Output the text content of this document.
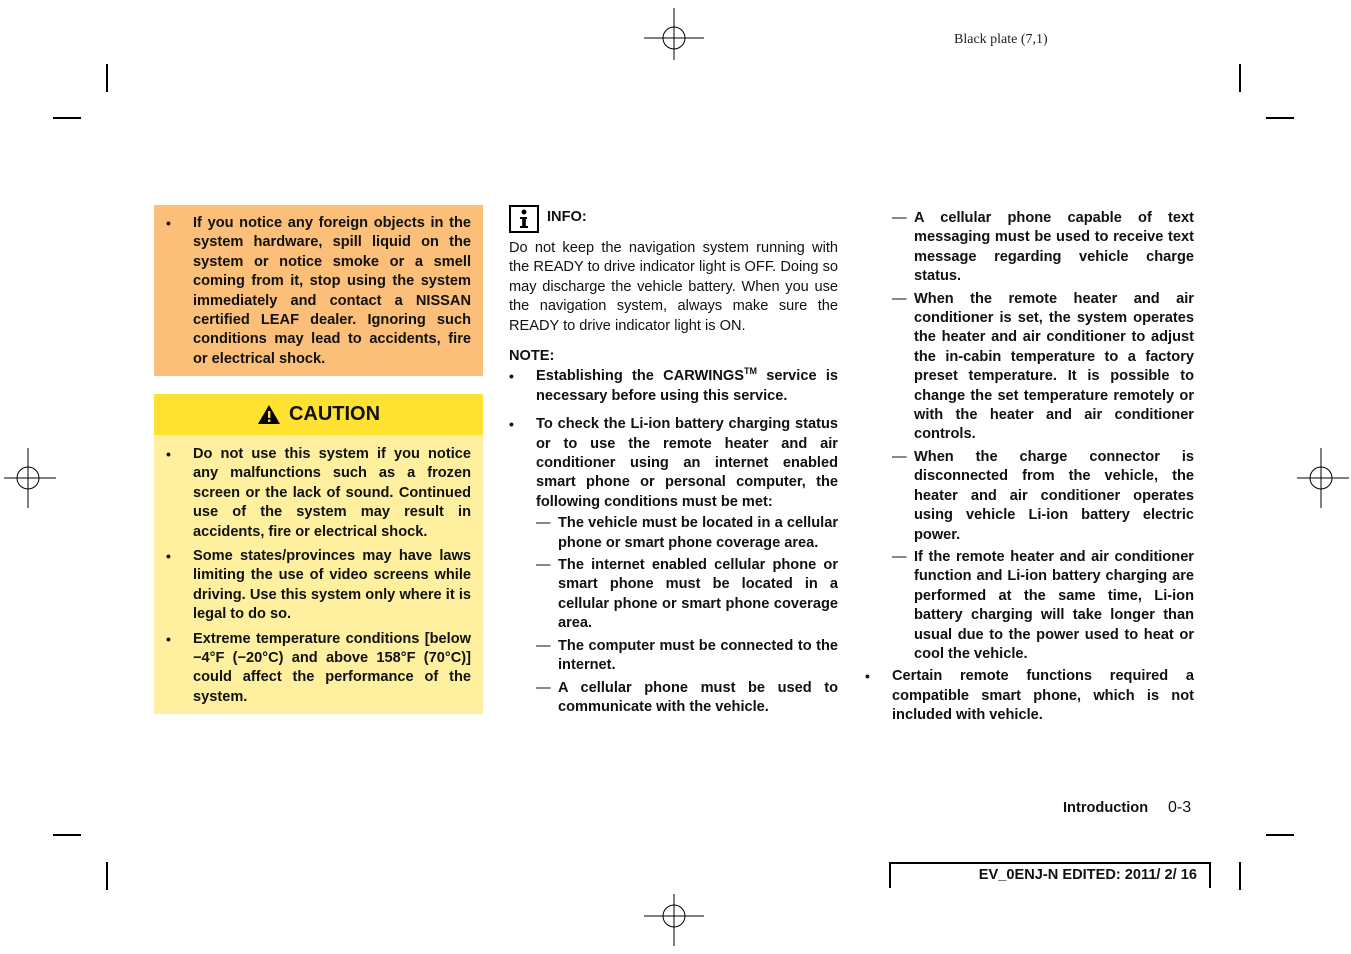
Black plate (7,1)
• If you notice any foreign objects in the system hardware, spill liquid on the system or notice smoke or a smell coming from it, stop using the system immediately and contact a NISSAN certified LEAF dealer. Ignoring such conditions may lead to accidents, fire or electrical shock.
CAUTION
• Do not use this system if you notice any malfunctions such as a frozen screen or the lack of sound. Continued use of the system may result in accidents, fire or electrical shock.
• Some states/provinces may have laws limiting the use of video screens while driving. Use this system only where it is legal to do so.
• Extreme temperature conditions [below −4°F (−20°C) and above 158°F (70°C)] could affect the performance of the system.
INFO:
Do not keep the navigation system running with the READY to drive indicator light is OFF. Doing so may discharge the vehicle battery. When you use the navigation system, always make sure the READY to drive indicator light is ON.
NOTE:
• Establishing the CARWINGS™ service is necessary before using this service.
• To check the Li-ion battery charging status or to use the remote heater and air conditioner using an internet enabled smart phone or personal computer, the following conditions must be met:
— The vehicle must be located in a cellular phone or smart phone coverage area.
— The internet enabled cellular phone or smart phone must be located in a cellular phone or smart phone coverage area.
— The computer must be connected to the internet.
— A cellular phone must be used to communicate with the vehicle.
— A cellular phone capable of text messaging must be used to receive text message regarding vehicle charge status.
— When the remote heater and air conditioner is set, the system operates the heater and air conditioner to adjust the in-cabin temperature to a factory preset temperature. It is possible to change the set temperature remotely or with the heater and air conditioner controls.
— When the charge connector is disconnected from the vehicle, the heater and air conditioner operates using vehicle Li-ion battery electric power.
— If the remote heater and air conditioner function and Li-ion battery charging are performed at the same time, Li-ion battery charging will take longer than usual due to the power used to heat or cool the vehicle.
• Certain remote functions required a compatible smart phone, which is not included with vehicle.
Introduction 0-3
EV_0ENJ-N EDITED: 2011/ 2/ 16
